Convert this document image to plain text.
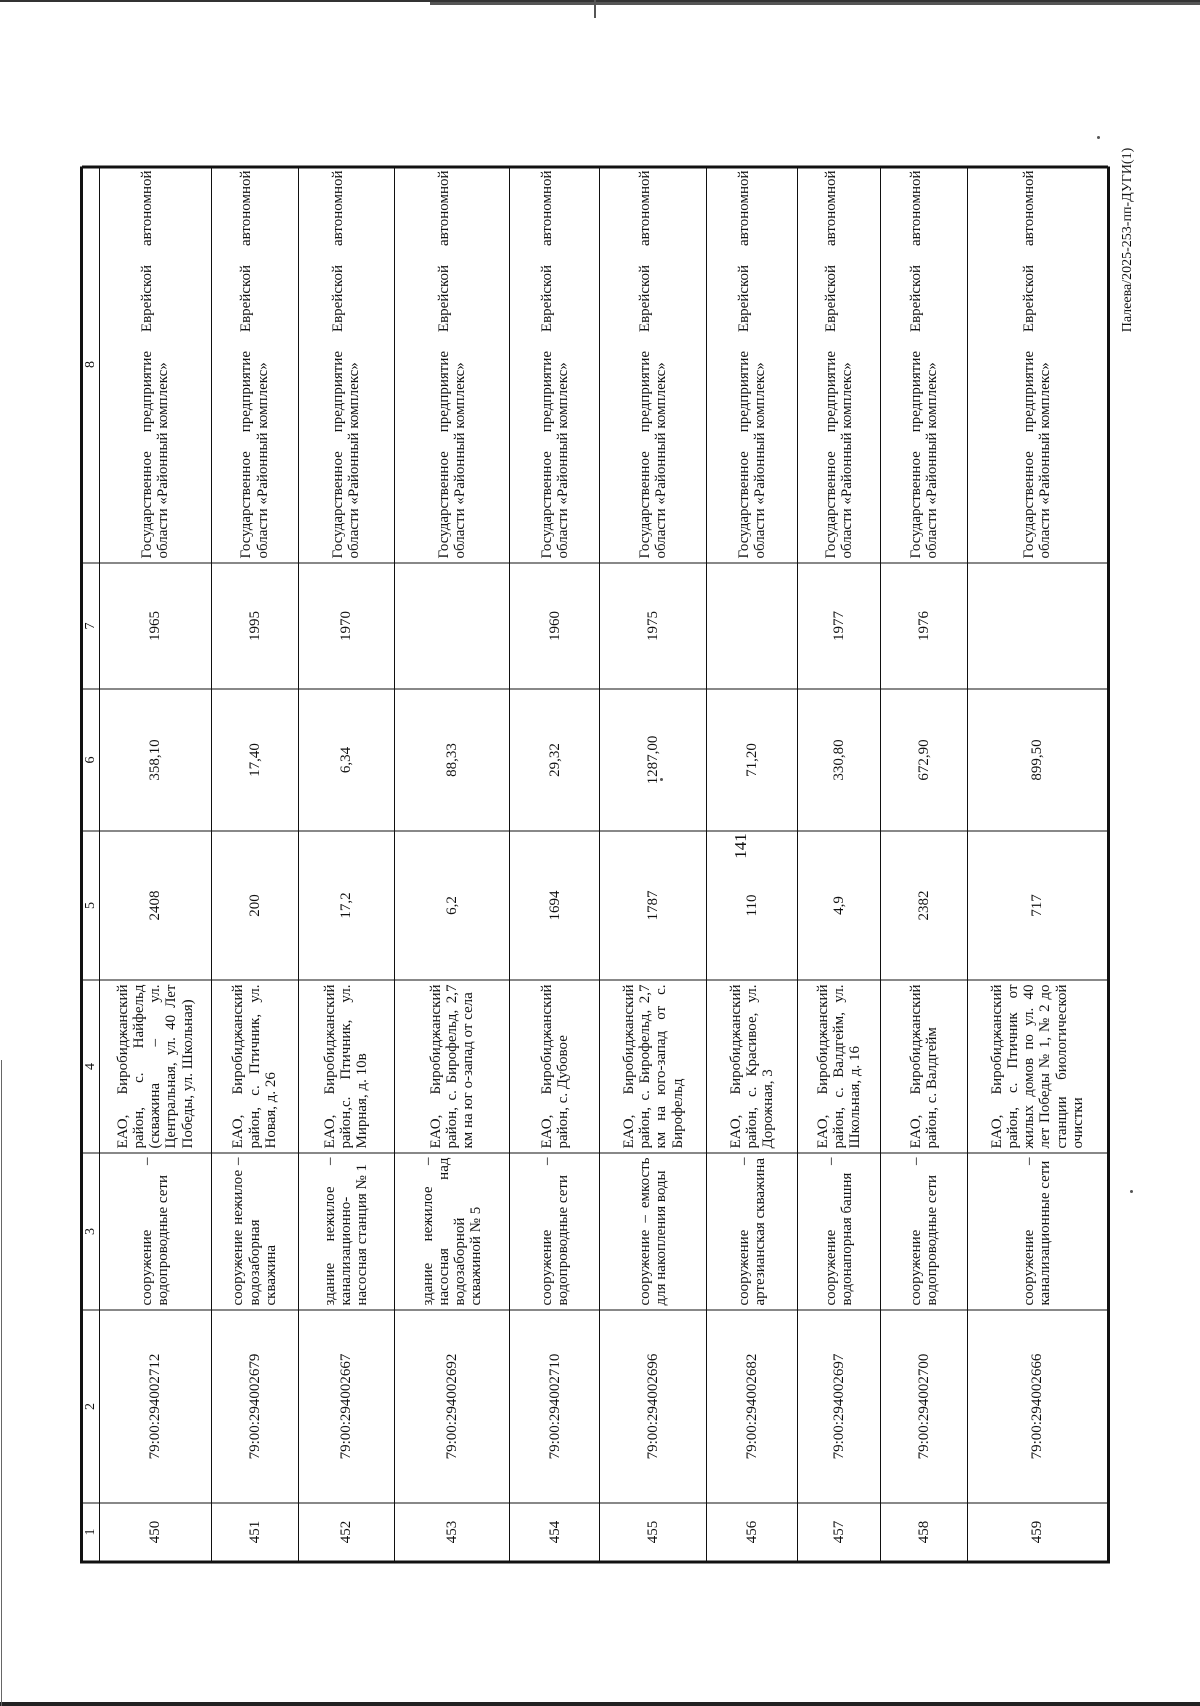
141
Палеева/2025-253-пп-ДУГИ(1)
1	2	3	4	5	6	7	8
450	79:00:294002712	сооружение – водопроводные сети	ЕАО, Биробиджанский район, с. Найфельд (скважина – ул. Центральная, ул. 40 Лет Победы, ул. Школьная)	2408	358,10	1965	Государственное предприятие Еврейской автономной области «Районный комплекс»
451	79:00:294002679	сооружение нежилое – водозаборная скважина	ЕАО, Биробиджанский район, с. Птичник, ул. Новая, д. 26	200	17,40	1995	Государственное предприятие Еврейской автономной области «Районный комплекс»
452	79:00:294002667	здание нежилое – канализационно-насосная станция № 1	ЕАО, Биробиджанский район,с. Птичник, ул. Мирная, д. 10в	17,2	6,34	1970	Государственное предприятие Еврейской автономной области «Районный комплекс»
453	79:00:294002692	здание нежилое – насосная над водозаборной скважиной № 5	ЕАО, Биробиджанский район, с. Бирофельд, 2,7 км на юг о-запад от села	6,2	88,33		Государственное предприятие Еврейской автономной области «Районный комплекс»
454	79:00:294002710	сооружение – водопроводные сети	ЕАО, Биробиджанский район, с. Дубовое	1694	29,32	1960	Государственное предприятие Еврейской автономной области «Районный комплекс»
455	79:00:294002696	сооружение – емкость для накопления воды	ЕАО, Биробиджанский район, с. Бирофельд, 2,7 км на юго-запад от с. Бирофельд	1787	1287,00	1975	Государственное предприятие Еврейской автономной области «Районный комплекс»
456	79:00:294002682	сооружение – артезианская скважина	ЕАО, Биробиджанский район, с. Красивое, ул. Дорожная, 3	110	71,20		Государственное предприятие Еврейской автономной области «Районный комплекс»
457	79:00:294002697	сооружение – водонапорная башня	ЕАО, Биробиджанский район, с. Валдгейм, ул. Школьная, д. 16	4,9	330,80	1977	Государственное предприятие Еврейской автономной области «Районный комплекс»
458	79:00:294002700	сооружение – водопроводные сети	ЕАО, Биробиджанский район, с. Валдгейм	2382	672,90	1976	Государственное предприятие Еврейской автономной области «Районный комплекс»
459	79:00:294002666	сооружение – канализационные сети	ЕАО, Биробиджанский район, с. Птичник от жилых домов по ул. 40 лет Победы № 1, № 2 до станции биологической очистки	717	899,50		Государственное предприятие Еврейской автономной области «Районный комплекс»
